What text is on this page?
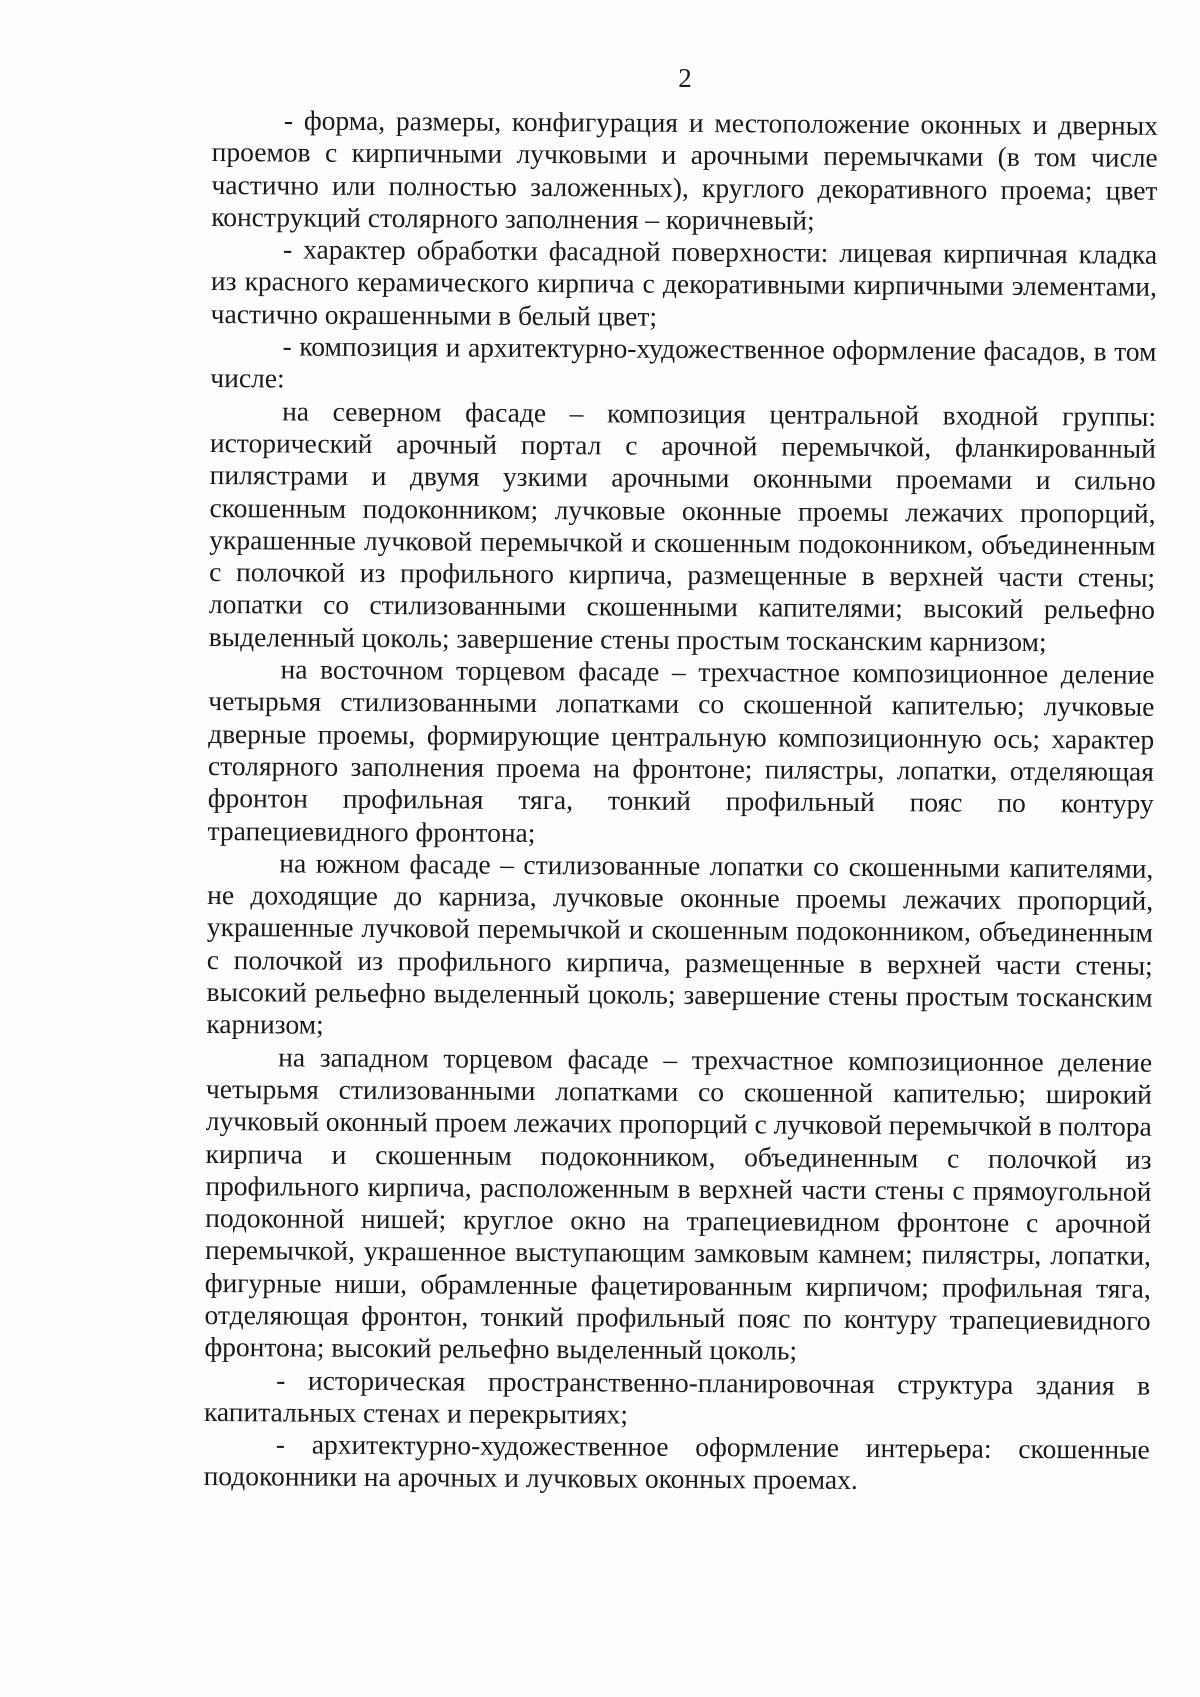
2

- форма, размеры, конфигурация и местоположение оконных и дверных проемов с кирпичными лучковыми и арочными перемычками (в том числе частично или полностью заложенных), круглого декоративного проема; цвет конструкций столярного заполнения – коричневый;

- характер обработки фасадной поверхности: лицевая кирпичная кладка из красного керамического кирпича с декоративными кирпичными элементами, частично окрашенными в белый цвет;

- композиция и архитектурно-художественное оформление фасадов, в том числе:

на северном фасаде – композиция центральной входной группы: исторический арочный портал с арочной перемычкой, фланкированный пилястрами и двумя узкими арочными оконными проемами и сильно скошенным подоконником; лучковые оконные проемы лежачих пропорций, украшенные лучковой перемычкой и скошенным подоконником, объединенным с полочкой из профильного кирпича, размещенные в верхней части стены; лопатки со стилизованными скошенными капителями; высокий рельефно выделенный цоколь; завершение стены простым тосканским карнизом;

на восточном торцевом фасаде – трехчастное композиционное деление четырьмя стилизованными лопатками со скошенной капителью; лучковые дверные проемы, формирующие центральную композиционную ось; характер столярного заполнения проема на фронтоне; пилястры, лопатки, отделяющая фронтон профильная тяга, тонкий профильный пояс по контуру трапециевидного фронтона;

на южном фасаде – стилизованные лопатки со скошенными капителями, не доходящие до карниза, лучковые оконные проемы лежачих пропорций, украшенные лучковой перемычкой и скошенным подоконником, объединенным с полочкой из профильного кирпича, размещенные в верхней части стены; высокий рельефно выделенный цоколь; завершение стены простым тосканским карнизом;

на западном торцевом фасаде – трехчастное композиционное деление четырьмя стилизованными лопатками со скошенной капителью; широкий лучковый оконный проем лежачих пропорций с лучковой перемычкой в полтора кирпича и скошенным подоконником, объединенным с полочкой из профильного кирпича, расположенным в верхней части стены с прямоугольной подоконной нишей; круглое окно на трапециевидном фронтоне с арочной перемычкой, украшенное выступающим замковым камнем; пилястры, лопатки, фигурные ниши, обрамленные фацетированным кирпичом; профильная тяга, отделяющая фронтон, тонкий профильный пояс по контуру трапециевидного фронтона; высокий рельефно выделенный цоколь;

- историческая пространственно-планировочная структура здания в капитальных стенах и перекрытиях;

- архитектурно-художественное оформление интерьера: скошенные подоконники на арочных и лучковых оконных проемах.
